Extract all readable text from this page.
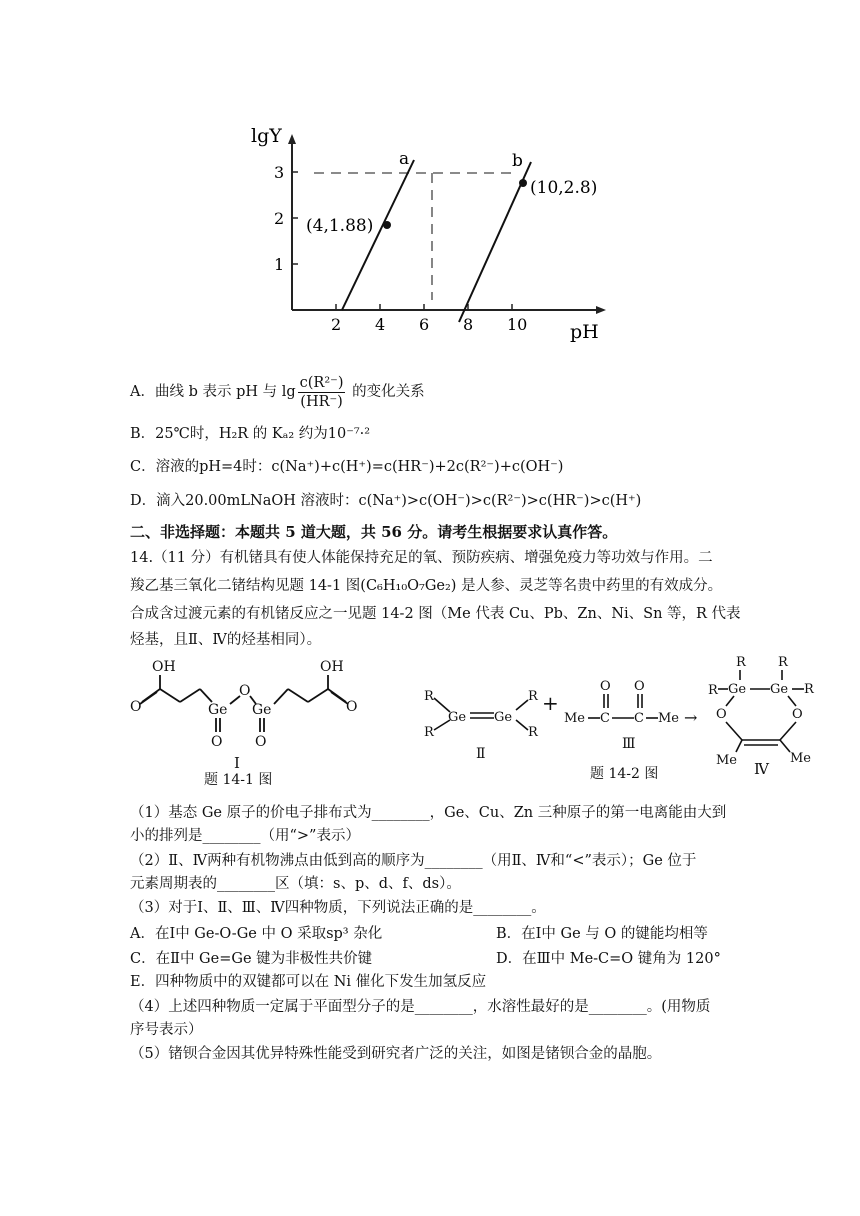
lgY
pH
2 4 6 8 10
1
2
3
a	b
(4,1.88)
(10,2.8)
A．曲线 b 表示 pH 与 $\lg \frac{\text{c(R²⁻)}}{(HR^-)}$ 的变化关系
B．25℃时，H₂R 的 Kₐ₂ 约为10⁻⁷·²
C．溶液的pH=4时：c(Na⁺)+c(H⁺)=c(HR⁻)+2c(R²⁻)+c(OH⁻)
D．滴入20.00mLNaOH 溶液时：c(Na⁺)>c(OH⁻)>c(R²⁻)>c(HR⁻)>c(H⁺)
二、非选择题：本题共 5 道大题，共 56 分。请考生根据要求认真作答。
14.（11 分）有机锗具有使人体能保持充足的氧、预防疾病、增强免疫力等功效与作用。二
羧乙基三氧化二锗结构见题 14-1 图(C₆H₁₀O₇Ge₂) 是人参、灵芝等名贵中药里的有效成分。
合成含过渡元素的有机锗反应之一见题 14-2 图（Me 代表 Cu、Pb、Zn、Ni、Sn 等，R 代表
烃基，且Ⅱ、Ⅳ的烃基相同）。
OH
O	Ge
O
O
Ge
O
OH
O
I
题 14-1 图
R
R
Ge Ge
R
R
+
Ⅱ
Me C
O
C
O
Me →
Ⅲ
题 14-2 图
R R
R Ge Ge R
O	O
Me	Me
Ⅳ
（1）基态 Ge 原子的价电子排布式为________，Ge、Cu、Zn 三种原子的第一电离能由大到
小的排列是________（用“>”表示）
（2）Ⅱ、Ⅳ两种有机物沸点由低到高的顺序为________（用Ⅱ、Ⅳ和“<”表示）；Ge 位于
元素周期表的________区（填：s、p、d、f、ds）。
（3）对于Ⅰ、Ⅱ、Ⅲ、Ⅳ四种物质，下列说法正确的是________。
A．在Ⅰ中 Ge-O-Ge 中 O 采取sp³ 杂化	B．在Ⅰ中 Ge 与 O 的键能均相等
C．在Ⅱ中 Ge=Ge 键为非极性共价键	D．在Ⅲ中 Me-C=O 键角为 120°
E．四种物质中的双键都可以在 Ni 催化下发生加氢反应
（4）上述四种物质一定属于平面型分子的是________，水溶性最好的是________。(用物质
序号表示）
（5）锗钡合金因其优异特殊性能受到研究者广泛的关注，如图是锗钡合金的晶胞。
